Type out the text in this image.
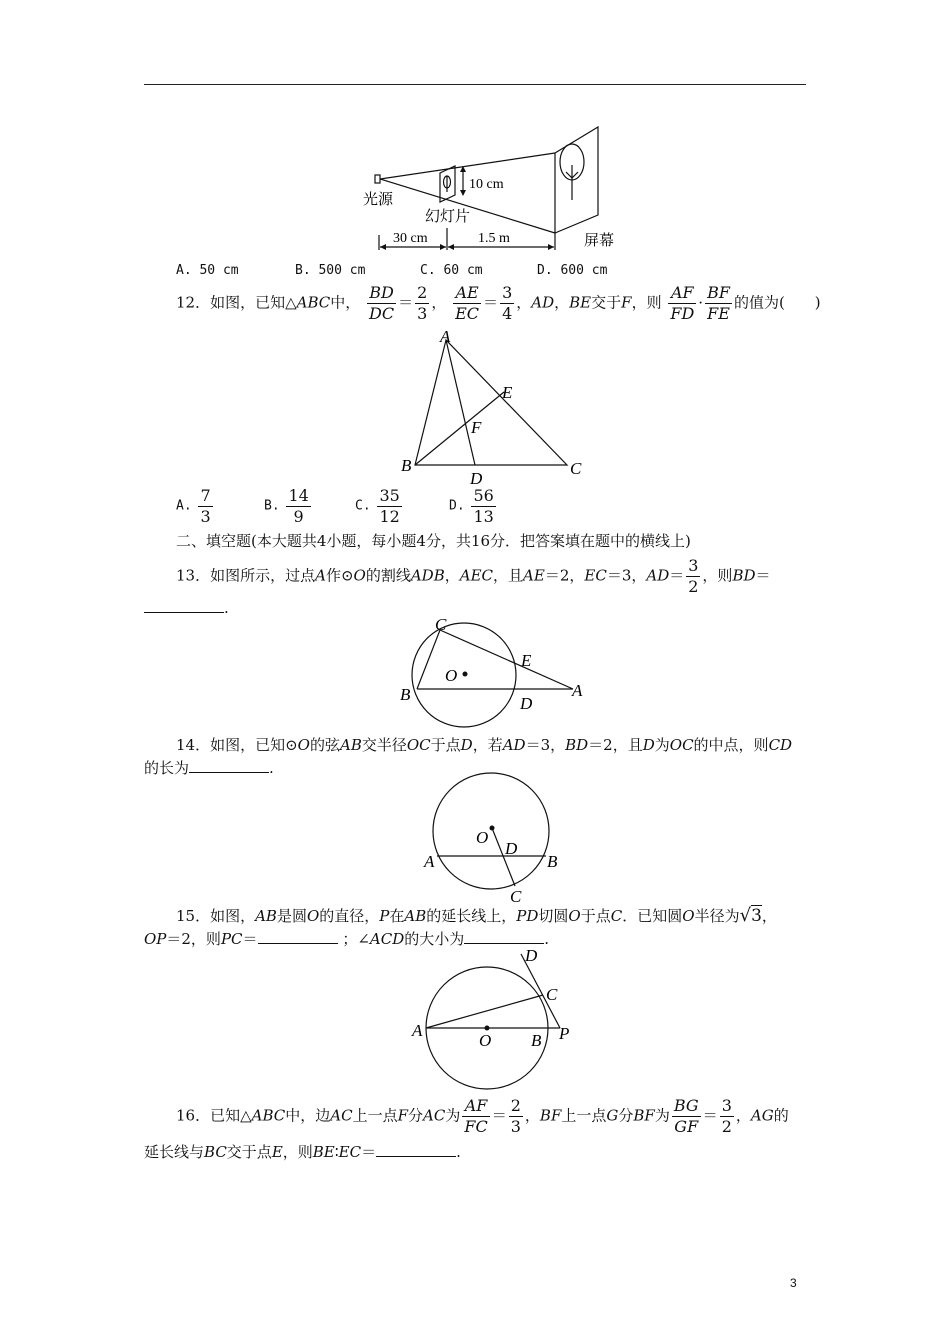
光源
幻灯片
屏幕
10 cm
30 cm	1.5 m
A. 50 cm	B. 500 cm	C. 60 cm	D. 600 cm
12．如图，已知△ABC中， $\frac{BD}{DC} = \frac{2}{3}$ ， $\frac{AE}{EC} = \frac{3}{4}$ ，AD，BE交于F，则 $\frac{AF}{FD} \cdot \frac{BF}{FE}$ 的值为(　　)
A
B	C
D
E
F
A. $\frac{7}{3}$	B. $\frac{14}{9}$	C. $\frac{35}{12}$	D. $\frac{56}{13}$
二、填空题(本大题共4小题，每小题4分，共16分．把答案填在题中的横线上)
13．如图所示，过点A作⊙O的割线ADB，AEC，且AE＝2，EC＝3，$AD= \frac{3}{2}$ ，则BD＝
.
C
E
O
B	D
A
14．如图，已知⊙O的弦AB交半径OC于点D，若AD＝3，BD＝2，且D为OC的中点，则CD
的长为	.
O
D
A	B
C
15．如图，AB是圆O的直径，P在AB的延长线上，PD切圆O于点C．已知圆O半径为√3，
OP＝2，则PC＝	；∠ACD的大小为	.
D
C
A
O B P
16．已知△ABC中，边AC上一点F分AC为 $\frac{AF}{FC} = \frac{2}{3}$ ，BF上一点G分BF为 $\frac{BG}{GF} = \frac{3}{2}$ ，AG的
延长线与BC交于点E，则BE∶EC＝	.
3
